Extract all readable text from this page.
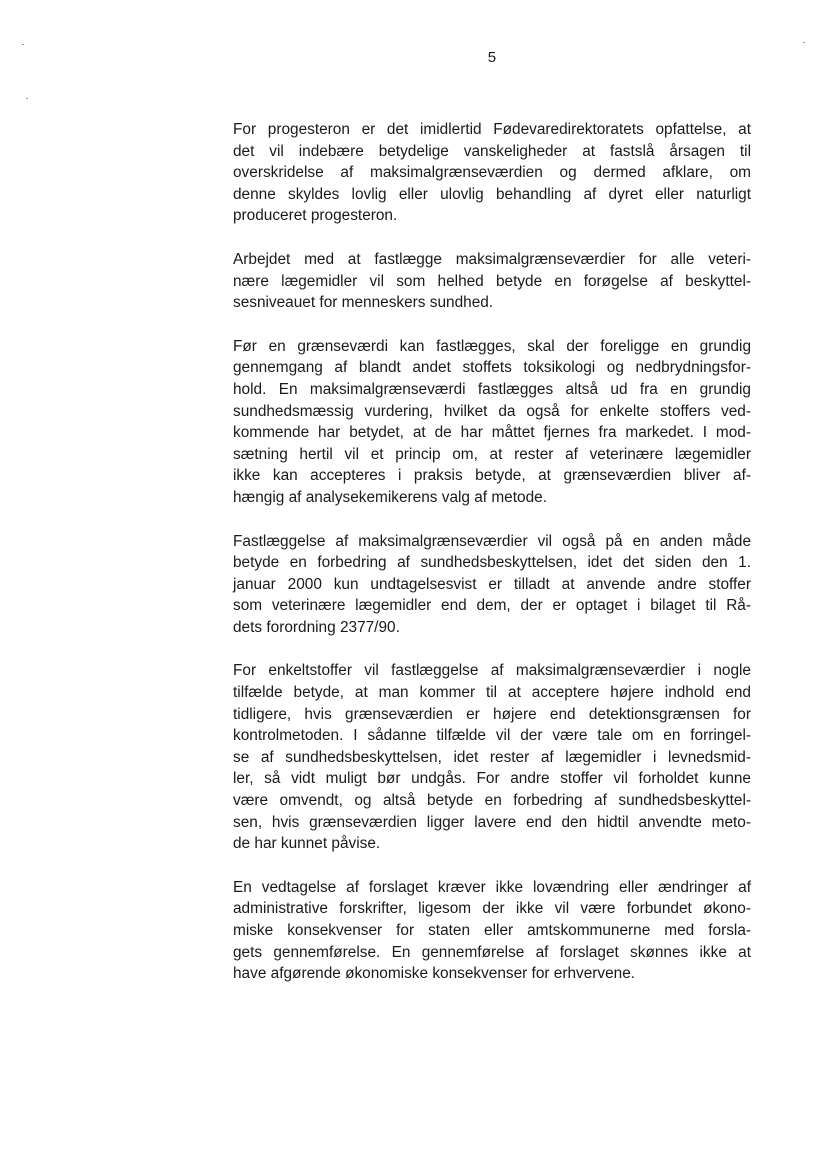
5

For progesteron er det imidlertid Fødevaredirektoratets opfattelse, at
det vil indebære betydelige vanskeligheder at fastslå årsagen til
overskridelse af maksimalgrænseværdien og dermed afklare, om
denne skyldes lovlig eller ulovlig behandling af dyret eller naturligt
produceret progesteron.

Arbejdet med at fastlægge maksimalgrænseværdier for alle veteri-
nære lægemidler vil som helhed betyde en forøgelse af beskyttel-
sesniveauet for menneskers sundhed.

Før en grænseværdi kan fastlægges, skal der foreligge en grundig
gennemgang af blandt andet stoffets toksikologi og nedbrydningsfor-
hold. En maksimalgrænseværdi fastlægges altså ud fra en grundig
sundhedsmæssig vurdering, hvilket da også for enkelte stoffers ved-
kommende har betydet, at de har måttet fjernes fra markedet. I mod-
sætning hertil vil et princip om, at rester af veterinære lægemidler
ikke kan accepteres i praksis betyde, at grænseværdien bliver af-
hængig af analysekemikerens valg af metode.

Fastlæggelse af maksimalgrænseværdier vil også på en anden måde
betyde en forbedring af sundhedsbeskyttelsen, idet det siden den 1.
januar 2000 kun undtagelsesvist er tilladt at anvende andre stoffer
som veterinære lægemidler end dem, der er optaget i bilaget til Rå-
dets forordning 2377/90.

For enkeltstoffer vil fastlæggelse af maksimalgrænseværdier i nogle
tilfælde betyde, at man kommer til at acceptere højere indhold end
tidligere, hvis grænseværdien er højere end detektionsgrænsen for
kontrolmetoden. I sådanne tilfælde vil der være tale om en forringel-
se af sundhedsbeskyttelsen, idet rester af lægemidler i levnedsmid-
ler, så vidt muligt bør undgås. For andre stoffer vil forholdet kunne
være omvendt, og altså betyde en forbedring af sundhedsbeskyttel-
sen, hvis grænseværdien ligger lavere end den hidtil anvendte meto-
de har kunnet påvise.

En vedtagelse af forslaget kræver ikke lovændring eller ændringer af
administrative forskrifter, ligesom der ikke vil være forbundet økono-
miske konsekvenser for staten eller amtskommunerne med forsla-
gets gennemførelse. En gennemførelse af forslaget skønnes ikke at
have afgørende økonomiske konsekvenser for erhvervene.
